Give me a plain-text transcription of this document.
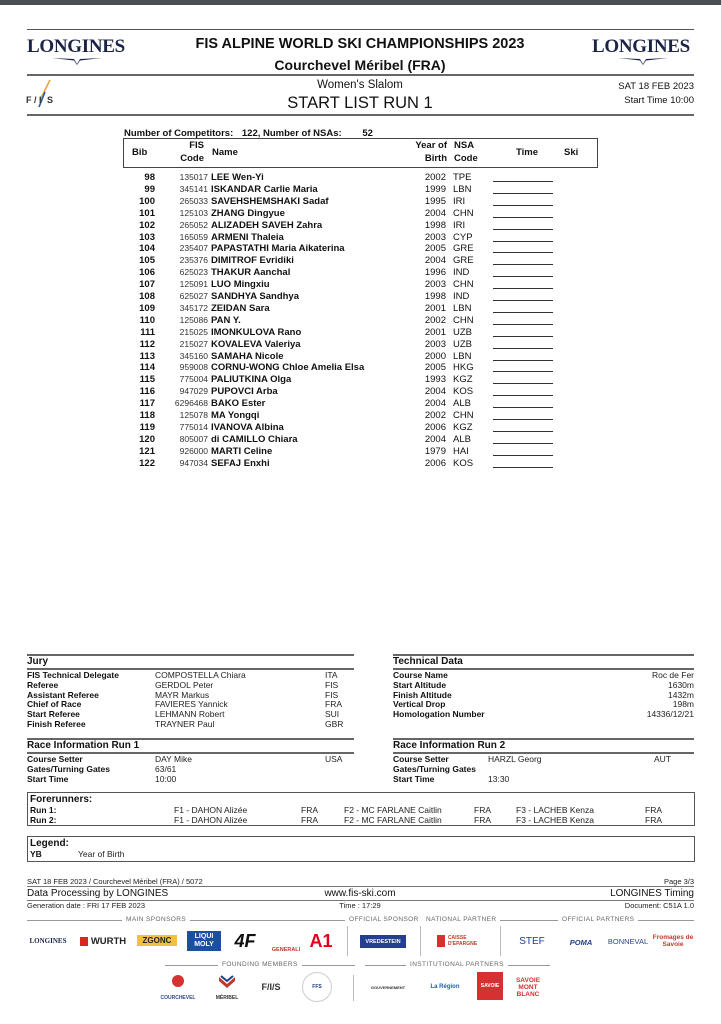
LONGINES	FIS ALPINE WORLD SKI CHAMPIONSHIPS 2023
Courchevel Méribel (FRA)
LONGINES
F / I S
Women's Slalom
START LIST RUN 1
SAT 18 FEB 2023
Start Time 10:00
Number of Competitors: 122, Number of NSAs: 52
Bib
FIS
Code
Name
Year of
Birth
NSA
Code
Time	Ski
98	135017 LEE Wen-Yi	2002 TPE
99	345141 ISKANDAR Carlie Maria	1999 LBN
100	265033 SAVEHSHEMSHAKI Sadaf	1995 IRI
101	125103 ZHANG Dingyue	2004 CHN
102	265052 ALIZADEH SAVEH Zahra	1998 IRI
103	165059 ARMENI Thaleia	2003 CYP
104	235407 PAPASTATHI Maria Aikaterina	2005 GRE
105	235376 DIMITROF Evridiki	2004 GRE
106	625023 THAKUR Aanchal	1996 IND
107	125091 LUO Mingxiu	2003 CHN
108	625027 SANDHYA Sandhya	1998 IND
109	345172 ZEIDAN Sara	2001 LBN
110	125086 PAN Y.	2002 CHN
111	215025 IMONKULOVA Rano	2001 UZB
112	215027 KOVALEVA Valeriya	2003 UZB
113	345160 SAMAHA Nicole	2000 LBN
114	959008 CORNU-WONG Chloe Amelia Elsa	2005 HKG
115	775004 PALIUTKINA Olga	1993 KGZ
116	947029 PUPOVCI Arba	2004 KOS
117	6296468 BAKO Ester	2004 ALB
118	125078 MA Yongqi	2002 CHN
119	775014 IVANOVA Albina	2006 KGZ
120	805007 di CAMILLO Chiara	2004 ALB
121	926000 MARTI Celine	1979 HAI
122	947034 SEFAJ Enxhi	2006 KOS
Jury
FIS Technical Delegate	COMPOSTELLA Chiara	ITA
Referee	GERDOL Peter	FIS
Assistant Referee	MAYR Markus	FIS
Chief of Race	FAVIERES Yannick	FRA
Start Referee	LEHMANN Robert	SUI
Finish Referee	TRAYNER Paul	GBR
Technical Data
Course Name	Roc de Fer
Start Altitude	1630m
Finish Altitude	1432m
Vertical Drop	198m
Homologation Number	14336/12/21
Race Information Run 1
Course Setter	DAY Mike	USA
Gates/Turning Gates	63/61
Start Time	10:00
Race Information Run 2
Course Setter	HARZL Georg	AUT
Gates/Turning Gates
Start Time	13:30
Forerunners:
Run 1:	F1 - DAHON Alizée	FRA	F2 - MC FARLANE Caitlin	FRA	F3 - LACHEB Kenza	FRA
Run 2:	F1 - DAHON Alizée	FRA	F2 - MC FARLANE Caitlin	FRA	F3 - LACHEB Kenza	FRA
Legend:
YB	Year of Birth
SAT 18 FEB 2023 / Courchevel Méribel (FRA) / 5072	Page 3/3
Data Processing by LONGINES	www.fis-ski.com	LONGINES Timing
Generation date : FRI 17 FEB 2023	Time : 17:29	Document: C51A 1.0
MAIN SPONSORS	OFFICIAL SPONSOR	NATIONAL PARTNER	OFFICIAL PARTNERS
LONGINES	WURTH	ZGONC	LIQUI MOLY	4F	GENERALI A1	VREDESTEIN
CAISSE D'EPARGNE	STEF	POMA	BONNEVAL Fromages de Savoie
FOUNDING MEMBERS	INSTITUTIONAL PARTNERS
COURCHEVEL	MÉRIBEL
F/I/S	FFS	GOUVERNEMENT	La Région	SAVOIE
SAVOIE MONT BLANC
